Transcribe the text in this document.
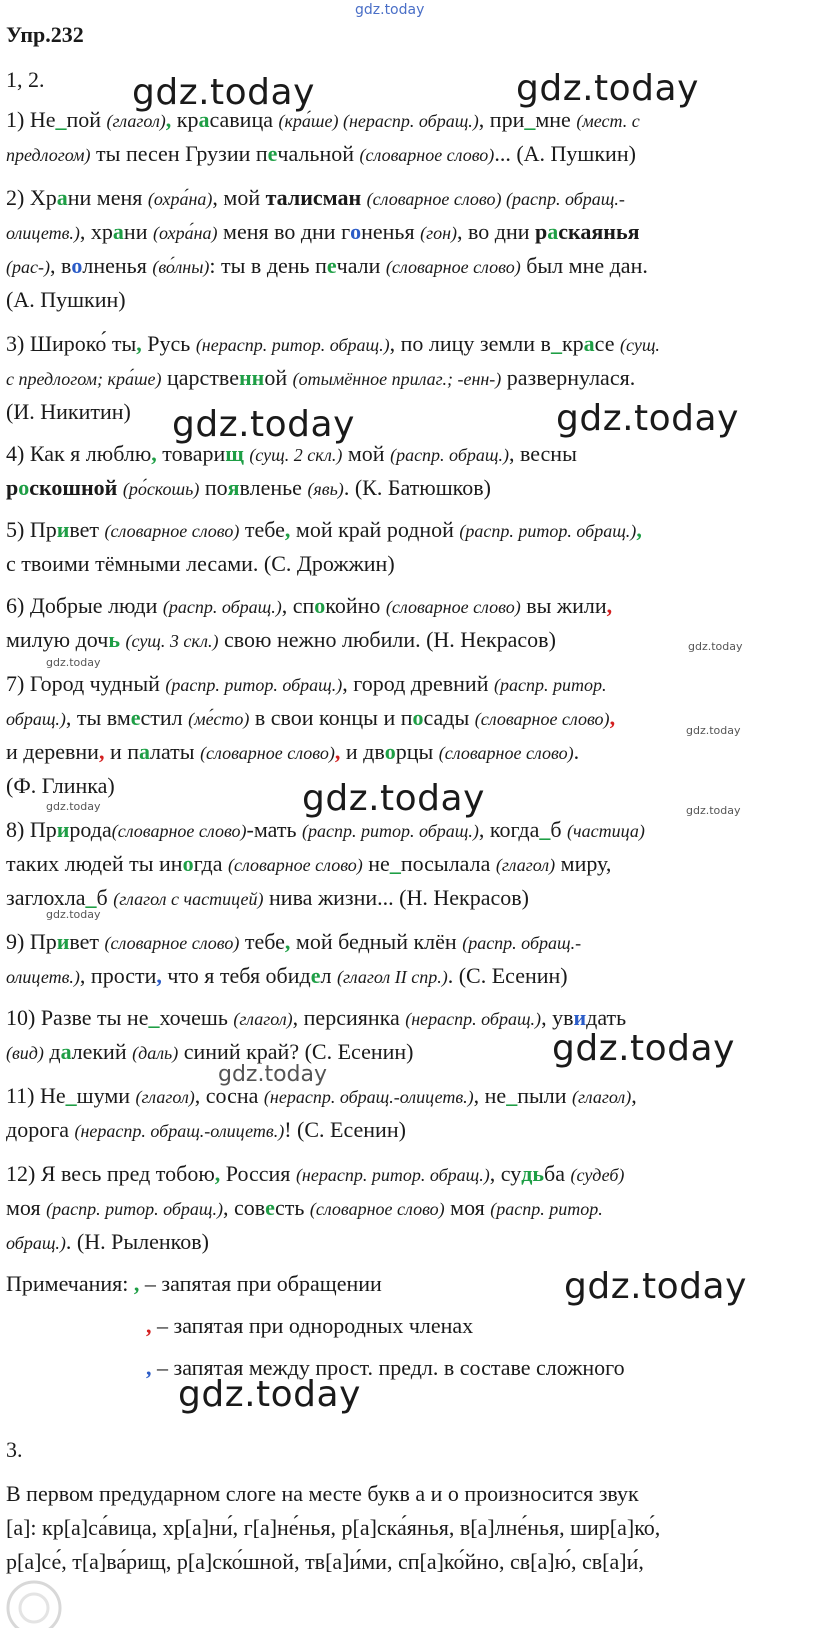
gdz.today
Упр.232
1, 2.
1) Не_пой (глагол), красавица (кра́ше) (нераспр. обращ.), при_мне (мест. с
предлогом) ты песен Грузии печальной (словарное слово)... (А. Пушкин)
2) Храни меня (охра́на), мой талисман (словарное слово) (распр. обращ.-
олицетв.), храни (охра́на) меня во дни гоненья (гон), во дни раскаянья
(рас-), волненья (во́лны): ты в день печали (словарное слово) был мне дан.
(А. Пушкин)
3) Широко́ ты, Русь (нераспр. ритор. обращ.), по лицу земли в_красе (сущ.
с предлогом; кра́ше) царственной (отымённое прилаг.; -енн-) развернулася.
(И. Никитин)
4) Как я люблю, товарищ (сущ. 2 скл.) мой (распр. обращ.), весны
роскошной (ро́скошь) появленье (явь). (К. Батюшков)
5) Привет (словарное слово) тебе, мой край родной (распр. ритор. обращ.),
с твоими тёмными лесами. (С. Дрожжин)
6) Добрые люди (распр. обращ.), спокойно (словарное слово) вы жили,
милую дочь (сущ. 3 скл.) свою нежно любили. (Н. Некрасов)
7) Город чудный (распр. ритор. обращ.), город древний (распр. ритор.
обращ.), ты вместил (ме́сто) в свои концы и посады (словарное слово),
и деревни, и палаты (словарное слово), и дворцы (словарное слово).
(Ф. Глинка)
8) Природа(словарное слово)-мать (распр. ритор. обращ.), когда_б (частица)
таких людей ты иногда (словарное слово) не_посылала (глагол) миру,
заглохла_б (глагол с частицей) нива жизни... (Н. Некрасов)
9) Привет (словарное слово) тебе, мой бедный клён (распр. обращ.-
олицетв.), прости, что я тебя обидел (глагол II спр.). (С. Есенин)
10) Разве ты не_хочешь (глагол), персиянка (нераспр. обращ.), увидать
(вид) далекий (даль) синий край? (С. Есенин)
11) Не_шуми (глагол), сосна (нераспр. обращ.-олицетв.), не_пыли (глагол),
дорога (нераспр. обращ.-олицетв.)! (С. Есенин)
12) Я весь пред тобою, Россия (нераспр. ритор. обращ.), судьба (судеб)
моя (распр. ритор. обращ.), совесть (словарное слово) моя (распр. ритор.
обращ.). (Н. Рыленков)
Примечания: , – запятая при обращении
, – запятая при однородных членах
, – запятая между прост. предл. в составе сложного
3.
В первом предударном слоге на месте букв а и о произносится звук
[а]: кр[а]са́вица, хр[а]ни́, г[а]не́нья, р[а]ска́янья, в[а]лне́нья, шир[а]ко́,
р[а]се́, т[а]ва́рищ, р[а]ско́шной, тв[а]и́ми, сп[а]ко́йно, св[а]ю́, св[а]и́,
gdz.today	gdz.today
gdz.today	gdz.today
gdz.today
gdz.today
gdz.today
gdz.today
gdz.today
gdz.today
gdz.today
gdz.today	gdz.today
gdz.today
gdz.today
